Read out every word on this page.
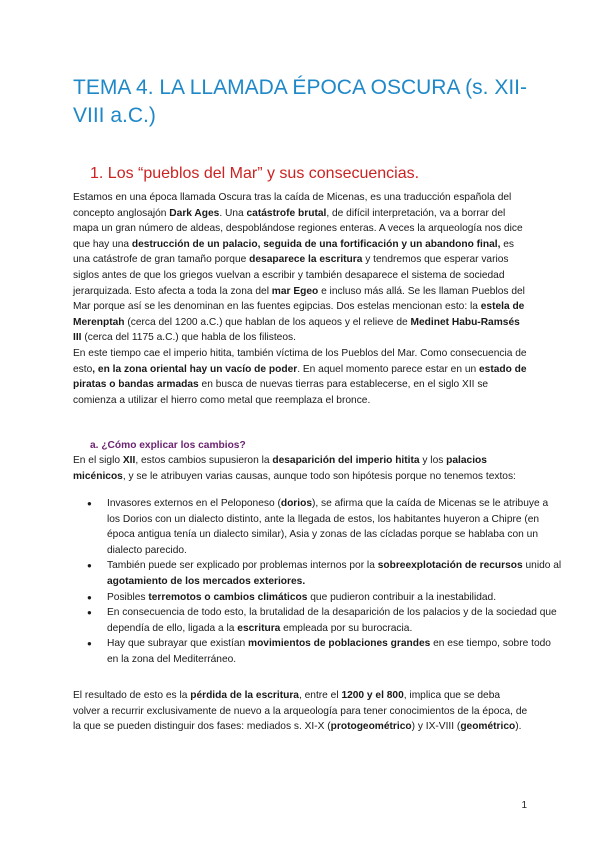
TEMA 4. LA LLAMADA ÉPOCA OSCURA (s. XII-VIII a.C.)
1. Los “pueblos del Mar” y sus consecuencias.

Estamos en una época llamada Oscura tras la caída de Micenas, es una traducción española del concepto anglosajón Dark Ages. Una catástrofe brutal, de difícil interpretación, va a borrar del mapa un gran número de aldeas, despoblándose regiones enteras. A veces la arqueología nos dice que hay una destrucción de un palacio, seguida de una fortificación y un abandono final, es una catástrofe de gran tamaño porque desaparece la escritura y tendremos que esperar varios siglos antes de que los griegos vuelvan a escribir y también desaparece el sistema de sociedad jerarquizada. Esto afecta a toda la zona del mar Egeo e incluso más allá. Se les llaman Pueblos del Mar porque así se les denominan en las fuentes egipcias. Dos estelas mencionan esto: la estela de Merenptah (cerca del 1200 a.C.) que hablan de los aqueos y el relieve de Medinet Habu-Ramsés III (cerca del 1175 a.C.) que habla de los filisteos.
En este tiempo cae el imperio hitita, también víctima de los Pueblos del Mar. Como consecuencia de esto, en la zona oriental hay un vacío de poder. En aquel momento parece estar en un estado de piratas o bandas armadas en busca de nuevas tierras para establecerse, en el siglo XII se comienza a utilizar el hierro como metal que reemplaza el bronce.

a. ¿Cómo explicar los cambios?

En el siglo XII, estos cambios supusieron la desaparición del imperio hitita y los palacios micénicos, y se le atribuyen varias causas, aunque todo son hipótesis porque no tenemos textos:

● Invasores externos en el Peloponeso (dorios), se afirma que la caída de Micenas se le atribuye a los Dorios con un dialecto distinto, ante la llegada de estos, los habitantes huyeron a Chipre (en época antigua tenía un dialecto similar), Asia y zonas de las cícladas porque se hablaba con un dialecto parecido.
● También puede ser explicado por problemas internos por la sobreexplotación de recursos unido al agotamiento de los mercados exteriores.
● Posibles terremotos o cambios climáticos que pudieron contribuir a la inestabilidad.
● En consecuencia de todo esto, la brutalidad de la desaparición de los palacios y de la sociedad que dependía de ello, ligada a la escritura empleada por su burocracia.
● Hay que subrayar que existían movimientos de poblaciones grandes en ese tiempo, sobre todo en la zona del Mediterráneo.

El resultado de esto es la pérdida de la escritura, entre el 1200 y el 800, implica que se deba volver a recurrir exclusivamente de nuevo a la arqueología para tener conocimientos de la época, de la que se pueden distinguir dos fases: mediados s. XI-X (protogeométrico) y IX-VIII (geométrico).

1
